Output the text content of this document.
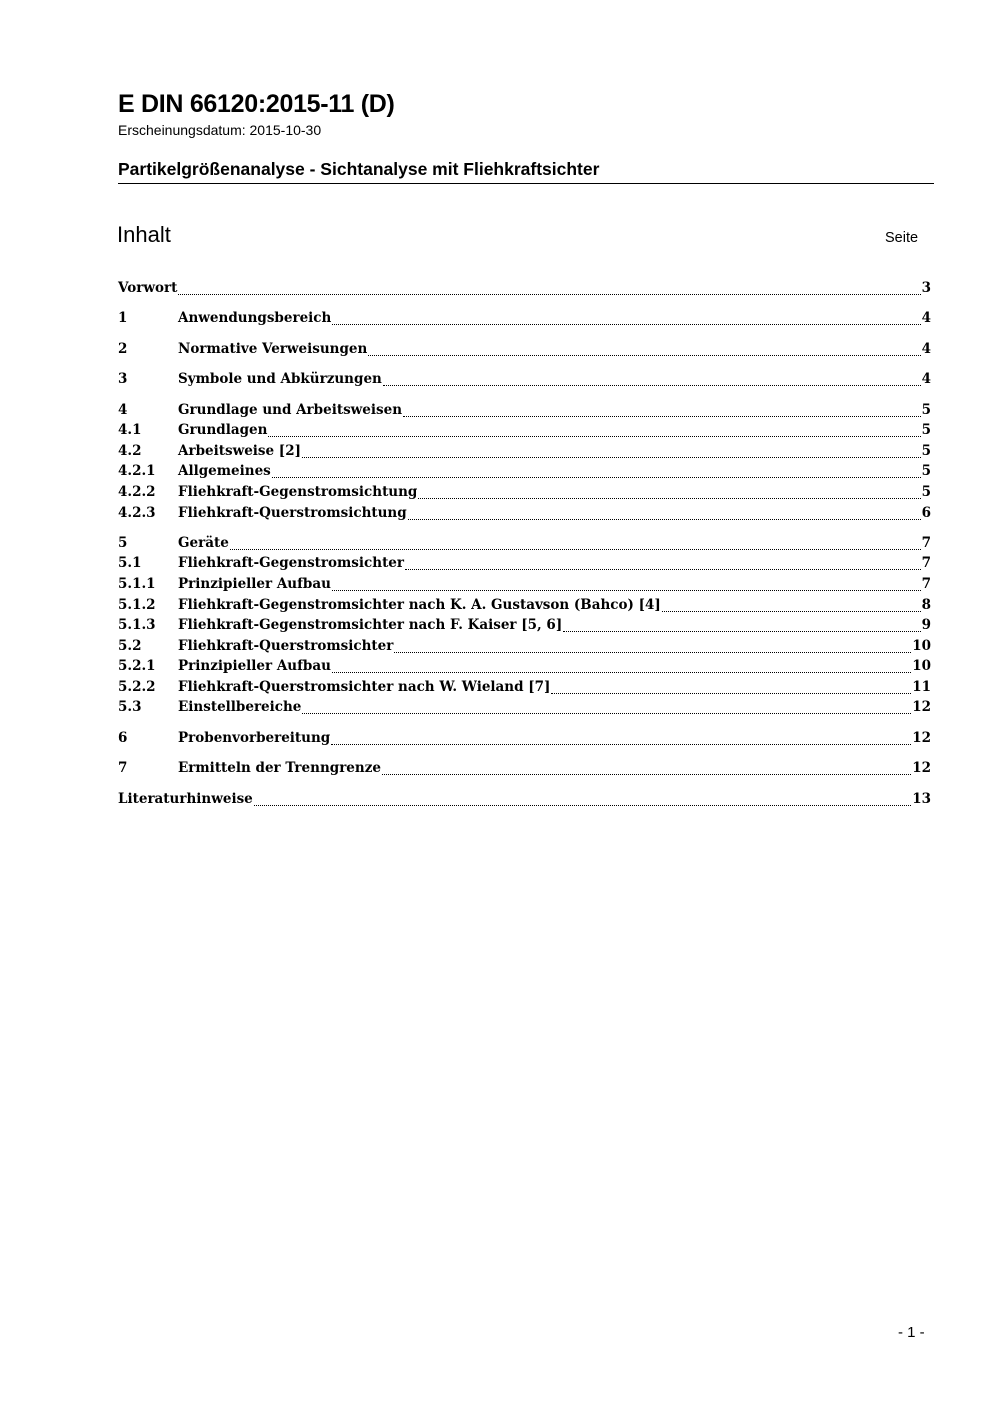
E DIN 66120:2015-11 (D)
Erscheinungsdatum: 2015-10-30
Partikelgrößenanalyse - Sichtanalyse mit Fliehkraftsichter
Inhalt	Seite
Vorwort	3
1	Anwendungsbereich	4
2	Normative Verweisungen	4
3	Symbole und Abkürzungen	4
4	Grundlage und Arbeitsweisen	5
4.1	Grundlagen	5
4.2	Arbeitsweise [2]	5
4.2.1	Allgemeines	5
4.2.2	Fliehkraft-Gegenstromsichtung	5
4.2.3	Fliehkraft-Querstromsichtung	6
5	Geräte	7
5.1	Fliehkraft-Gegenstromsichter	7
5.1.1	Prinzipieller Aufbau	7
5.1.2	Fliehkraft-Gegenstromsichter nach K. A. Gustavson (Bahco) [4]	8
5.1.3	Fliehkraft-Gegenstromsichter nach F. Kaiser [5, 6]	9
5.2	Fliehkraft-Querstromsichter	10
5.2.1	Prinzipieller Aufbau	10
5.2.2	Fliehkraft-Querstromsichter nach W. Wieland [7]	11
5.3	Einstellbereiche	12
6	Probenvorbereitung	12
7	Ermitteln der Trenngrenze	12
Literaturhinweise	13
- 1 -
